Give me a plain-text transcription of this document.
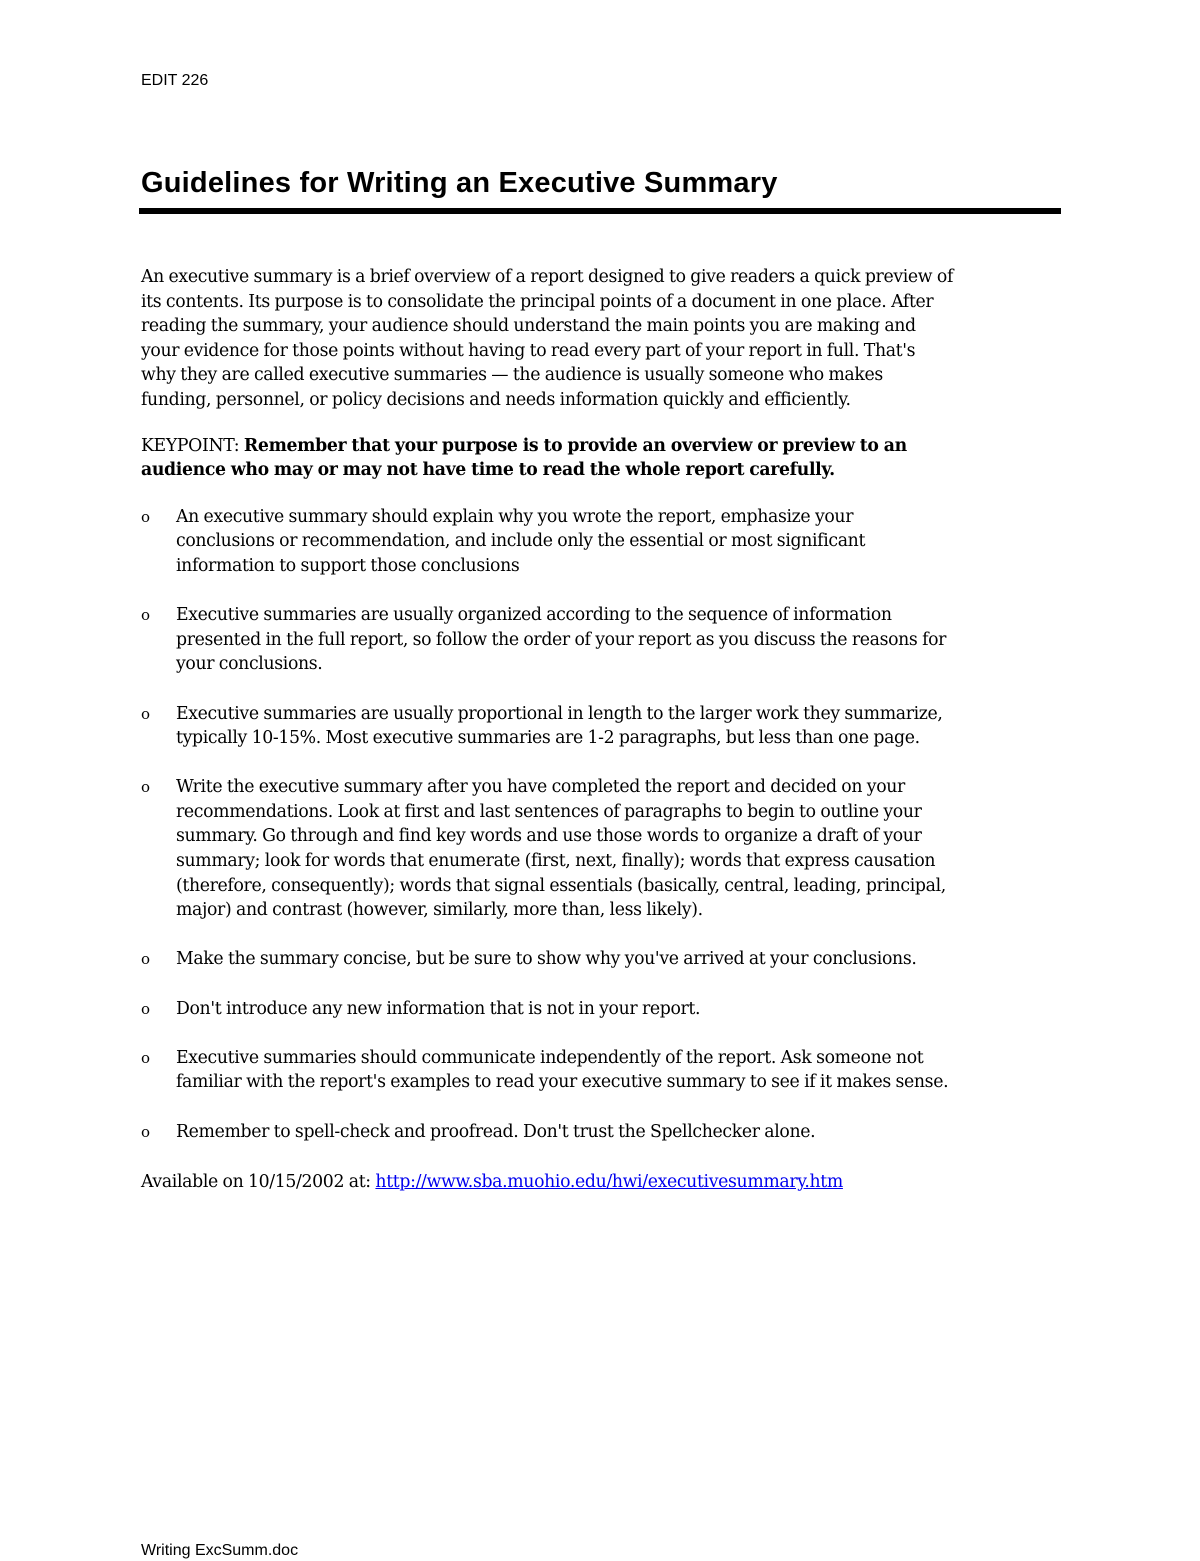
EDIT 226
Guidelines for Writing an Executive Summary

An executive summary is a brief overview of a report designed to give readers a quick preview of
its contents. Its purpose is to consolidate the principal points of a document in one place. After
reading the summary, your audience should understand the main points you are making and
your evidence for those points without having to read every part of your report in full. That's
why they are called executive summaries — the audience is usually someone who makes
funding, personnel, or policy decisions and needs information quickly and efficiently.

KEYPOINT: Remember that your purpose is to provide an overview or preview to an
audience who may or may not have time to read the whole report carefully.

o An executive summary should explain why you wrote the report, emphasize your
conclusions or recommendation, and include only the essential or most significant
information to support those conclusions
o Executive summaries are usually organized according to the sequence of information
presented in the full report, so follow the order of your report as you discuss the reasons for
your conclusions.
o Executive summaries are usually proportional in length to the larger work they summarize,
typically 10-15%. Most executive summaries are 1-2 paragraphs, but less than one page.
o Write the executive summary after you have completed the report and decided on your
recommendations. Look at first and last sentences of paragraphs to begin to outline your
summary. Go through and find key words and use those words to organize a draft of your
summary; look for words that enumerate (first, next, finally); words that express causation
(therefore, consequently); words that signal essentials (basically, central, leading, principal,
major) and contrast (however, similarly, more than, less likely).
o Make the summary concise, but be sure to show why you've arrived at your conclusions.
o Don't introduce any new information that is not in your report.
o Executive summaries should communicate independently of the report. Ask someone not
familiar with the report's examples to read your executive summary to see if it makes sense.
o Remember to spell-check and proofread. Don't trust the Spellchecker alone.

Available on 10/15/2002 at: http://www.sba.muohio.edu/hwi/executivesummary.htm

Writing ExcSumm.doc
